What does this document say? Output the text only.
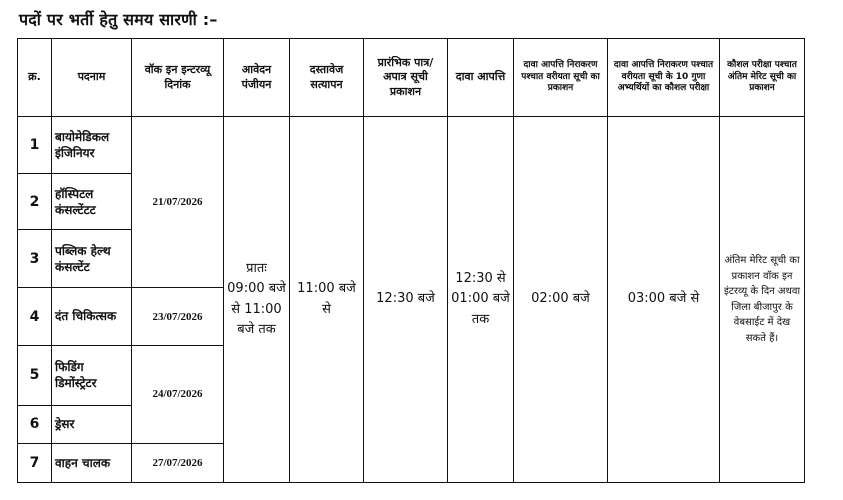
पदों पर भर्ती हेतु समय सारणी :–
क्र.	पदनाम	वॉक इन इन्टरव्यू दिनांक	आवेदन पंजीयन	दस्तावेज सत्यापन	प्रारंभिक पात्र/अपात्र सूची प्रकाशन	दावा आपत्ति	दावा आपत्ति निराकरण पश्चात वरीयता सूची का प्रकाशन	दावा आपत्ति निराकरण पश्चात वरीयता सूची के 10 गुणा अभ्यर्थियों का कौशल परीक्षा	कौशल परीक्षा पश्चात अंतिम मेरिट सूची का प्रकाशन
1	बायोमेडिकल इंजिनियर	21/07/2026	प्रातः 09:00 बजे से 11:00 बजे तक	11:00 बजे से	12:30 बजे	12:30 से 01:00 बजे तक	02:00 बजे	03:00 बजे से	अंतिम मेरिट सूची का प्रकाशन वॉक इन इंटरव्यू के दिन अथवा जिला बीजापुर के वेबसाईट में देख सकते हैं।
2	हॉस्पिटल कंसल्टेंटट								
3	पब्लिक हेल्थ कंसल्टेंट								
4	दंत चिकित्सक	23/07/2026							
5	फिडिंग डिमोंस्ट्रेटर	24/07/2026							
6	ड्रेसर								
7	वाहन चालक	27/07/2026							
